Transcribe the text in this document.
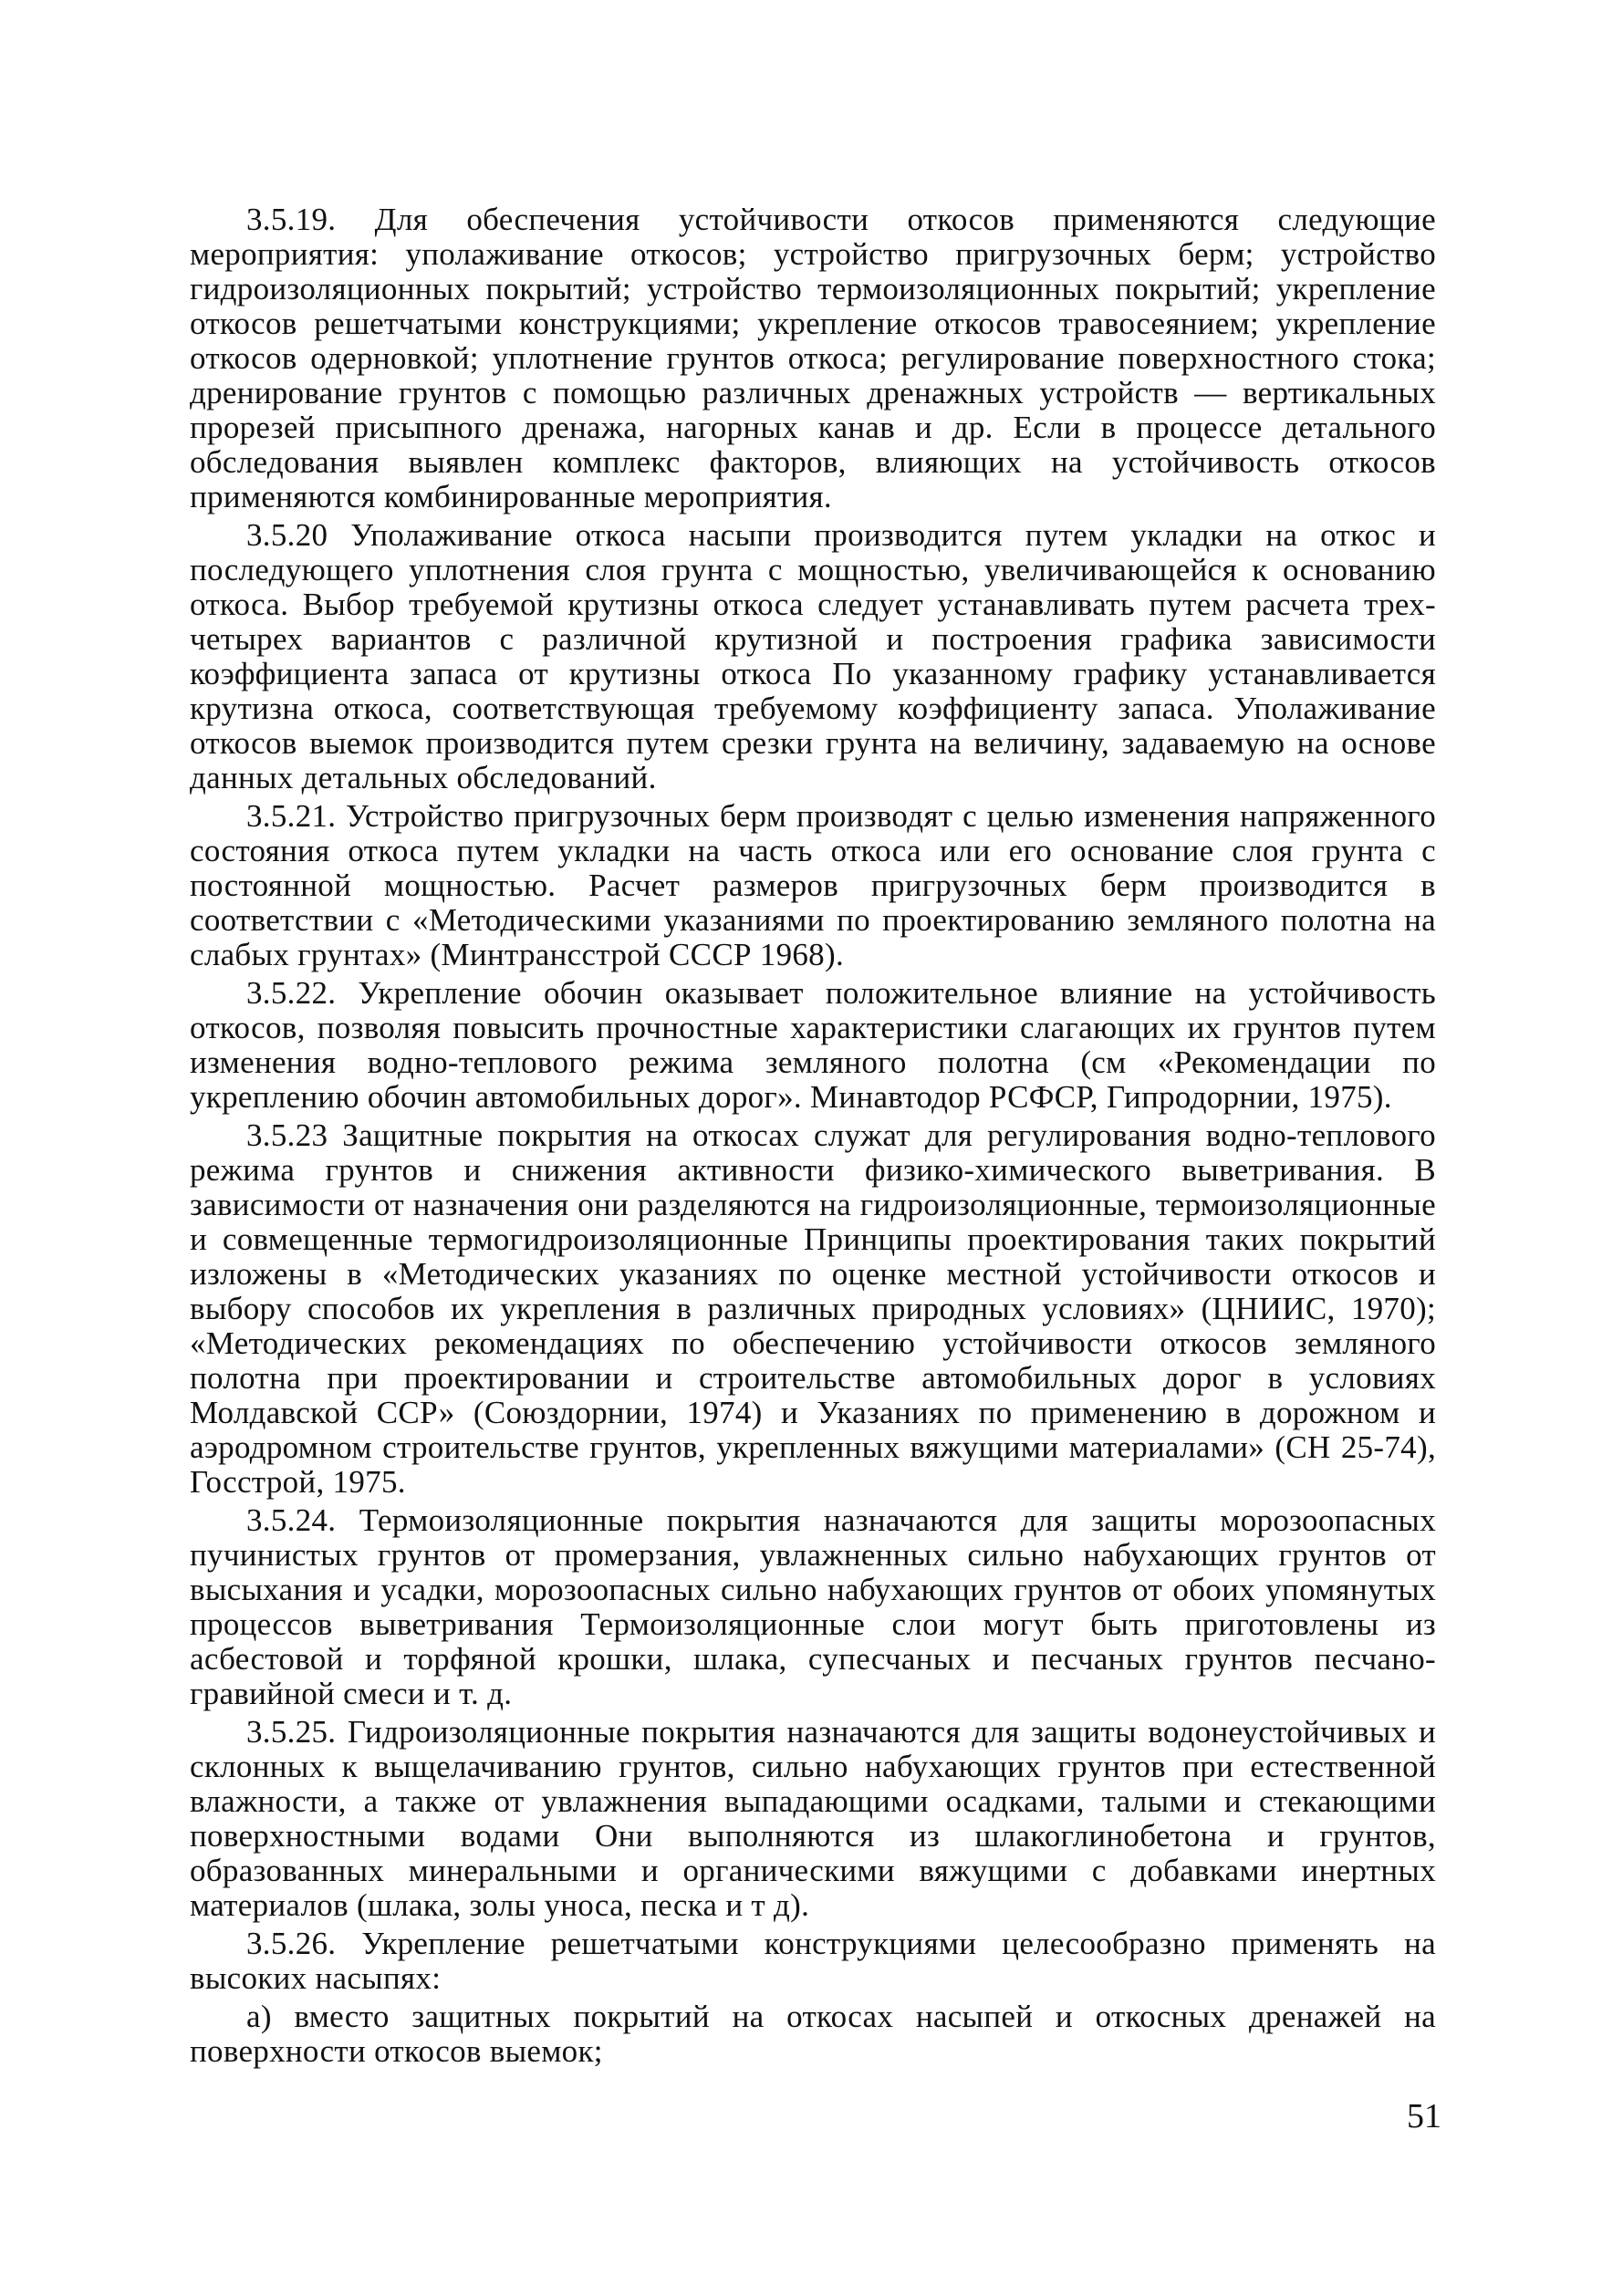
3.5.19. Для обеспечения устойчивости откосов применяются следующие мероприятия: уполаживание откосов; устройство пригрузочных берм; устройство гидроизоляционных покрытий; устройство термоизоляционных покрытий; укрепление откосов решетчатыми конструкциями; укрепление откосов травосеянием; укрепление откосов одерновкой; уплотнение грунтов откоса; регулирование поверхностного стока; дренирование грунтов с помощью различных дренажных устройств — вертикальных прорезей присыпного дренажа, нагорных канав и др. Если в процессе детального обследования выявлен комплекс факторов, влияющих на устойчивость откосов применяются комбинированные мероприятия.

3.5.20 Уполаживание откоса насыпи производится путем укладки на откос и последующего уплотнения слоя грунта с мощностью, увеличивающейся к основанию откоса. Выбор требуемой крутизны откоса следует устанавливать путем расчета трех-четырех вариантов с различной крутизной и построения графика зависимости коэффициента запаса от крутизны откоса По указанному графику устанавливается крутизна откоса, соответствующая требуемому коэффициенту запаса. Уполаживание откосов выемок производится путем срезки грунта на величину, задаваемую на основе данных детальных обследований.

3.5.21. Устройство пригрузочных берм производят с целью изменения напряженного состояния откоса путем укладки на часть откоса или его основание слоя грунта с постоянной мощностью. Расчет размеров пригрузочных берм производится в соответствии с «Методическими указаниями по проектированию земляного полотна на слабых грунтах» (Минтрансстрой СССР 1968).

3.5.22. Укрепление обочин оказывает положительное влияние на устойчивость откосов, позволяя повысить прочностные характеристики слагающих их грунтов путем изменения водно-теплового режима земляного полотна (см «Рекомендации по укреплению обочин автомобильных дорог». Минавтодор РСФСР, Гипродорнии, 1975).

3.5.23 Защитные покрытия на откосах служат для регулирования водно-теплового режима грунтов и снижения активности физико-химического выветривания. В зависимости от назначения они разделяются на гидроизоляционные, термоизоляционные и совмещенные термогидроизоляционные Принципы проектирования таких покрытий изложены в «Методических указаниях по оценке местной устойчивости откосов и выбору способов их укрепления в различных природных условиях» (ЦНИИС, 1970); «Методических рекомендациях по обеспечению устойчивости откосов земляного полотна при проектировании и строительстве автомобильных дорог в условиях Молдавской ССР» (Союздорнии, 1974) и Указаниях по применению в дорожном и аэродромном строительстве грунтов, укрепленных вяжущими материалами» (СН 25-74), Госстрой, 1975.

3.5.24. Термоизоляционные покрытия назначаются для защиты морозоопасных пучинистых грунтов от промерзания, увлажненных сильно набухающих грунтов от высыхания и усадки, морозоопасных сильно набухающих грунтов от обоих упомянутых процессов выветривания Термоизоляционные слои могут быть приготовлены из асбестовой и торфяной крошки, шлака, супесчаных и песчаных грунтов песчано-гравийной смеси и т. д.

3.5.25. Гидроизоляционные покрытия назначаются для защиты водонеустойчивых и склонных к выщелачиванию грунтов, сильно набухающих грунтов при естественной влажности, а также от увлажнения выпадающими осадками, талыми и стекающими поверхностными водами Они выполняются из шлакоглинобетона и грунтов, образованных минеральными и органическими вяжущими с добавками инертных материалов (шлака, золы уноса, песка и т д).

3.5.26. Укрепление решетчатыми конструкциями целесообразно применять на высоких насыпях:

а) вместо защитных покрытий на откосах насыпей и откосных дренажей на поверхности откосов выемок;

51
